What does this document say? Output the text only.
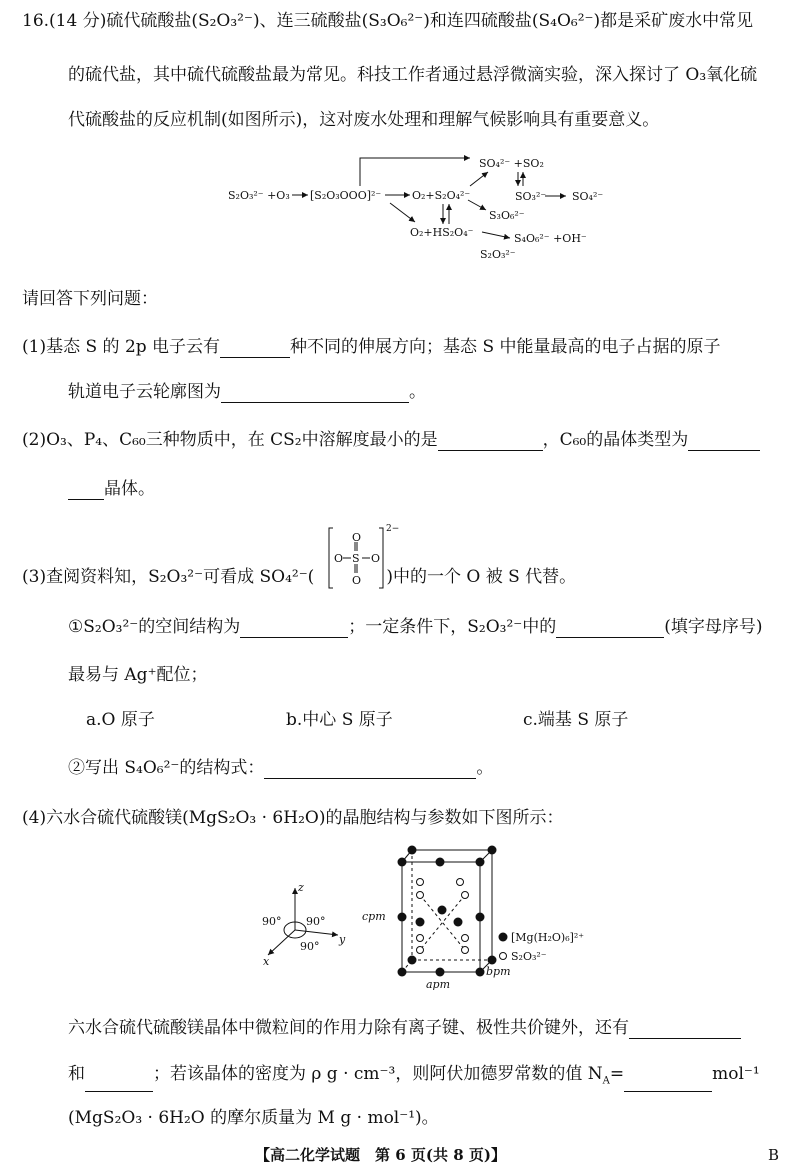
16.(14 分)硫代硫酸盐(S₂O₃²⁻)、连三硫酸盐(S₃O₆²⁻)和连四硫酸盐(S₄O₆²⁻)都是采矿废水中常见
的硫代盐，其中硫代硫酸盐最为常见。科技工作者通过悬浮微滴实验，深入探讨了 O₃氧化硫
代硫酸盐的反应机制(如图所示)，这对废水处理和理解气候影响具有重要意义。
S₂O₃²⁻ +O₃ [S₂O₃OOO]²⁻	O₂+S₂O₄²⁻
SO₄²⁻ +SO₂
SO₃²⁻ SO₄²⁻
S₃O₆²⁻
O₂+HS₂O₄⁻	S₄O₆²⁻ +OH⁻
S₂O₃²⁻
请回答下列问题：
(1)基态 S 的 2p 电子云有	种不同的伸展方向；基态 S 中能量最高的电子占据的原子
轨道电子云轮廓图为	。
(2)O₃、P₄、C₆₀三种物质中，在 CS₂中溶解度最小的是	，C₆₀的晶体类型为
晶体。
(3)查阅资料知，S₂O₃²⁻可看成 SO₄²⁻(	)中的一个 O 被 S 代替。
O
O S O
O
2−
①S₂O₃²⁻的空间结构为	；一定条件下，S₂O₃²⁻中的	(填字母序号)
最易与 Ag⁺配位；
a.O 原子	b.中心 S 原子	c.端基 S 原子
②写出 S₄O₆²⁻的结构式：	。
(4)六水合硫代硫酸镁(MgS₂O₃ · 6H₂O)的晶胞结构与参数如下图所示：
z
y
x
90° 90°
90°
cpm
apm
bpm
[Mg(H₂O)₆]²⁺
S₂O₃²⁻
六水合硫代硫酸镁晶体中微粒间的作用力除有离子键、极性共价键外，还有
和	；若该晶体的密度为 ρ g · cm⁻³，则阿伏加德罗常数的值 $N_A=$	mol⁻¹
(MgS₂O₃ · 6H₂O 的摩尔质量为 M g · mol⁻¹)。
【高二化学试题　第 6 页(共 8 页)】	B
